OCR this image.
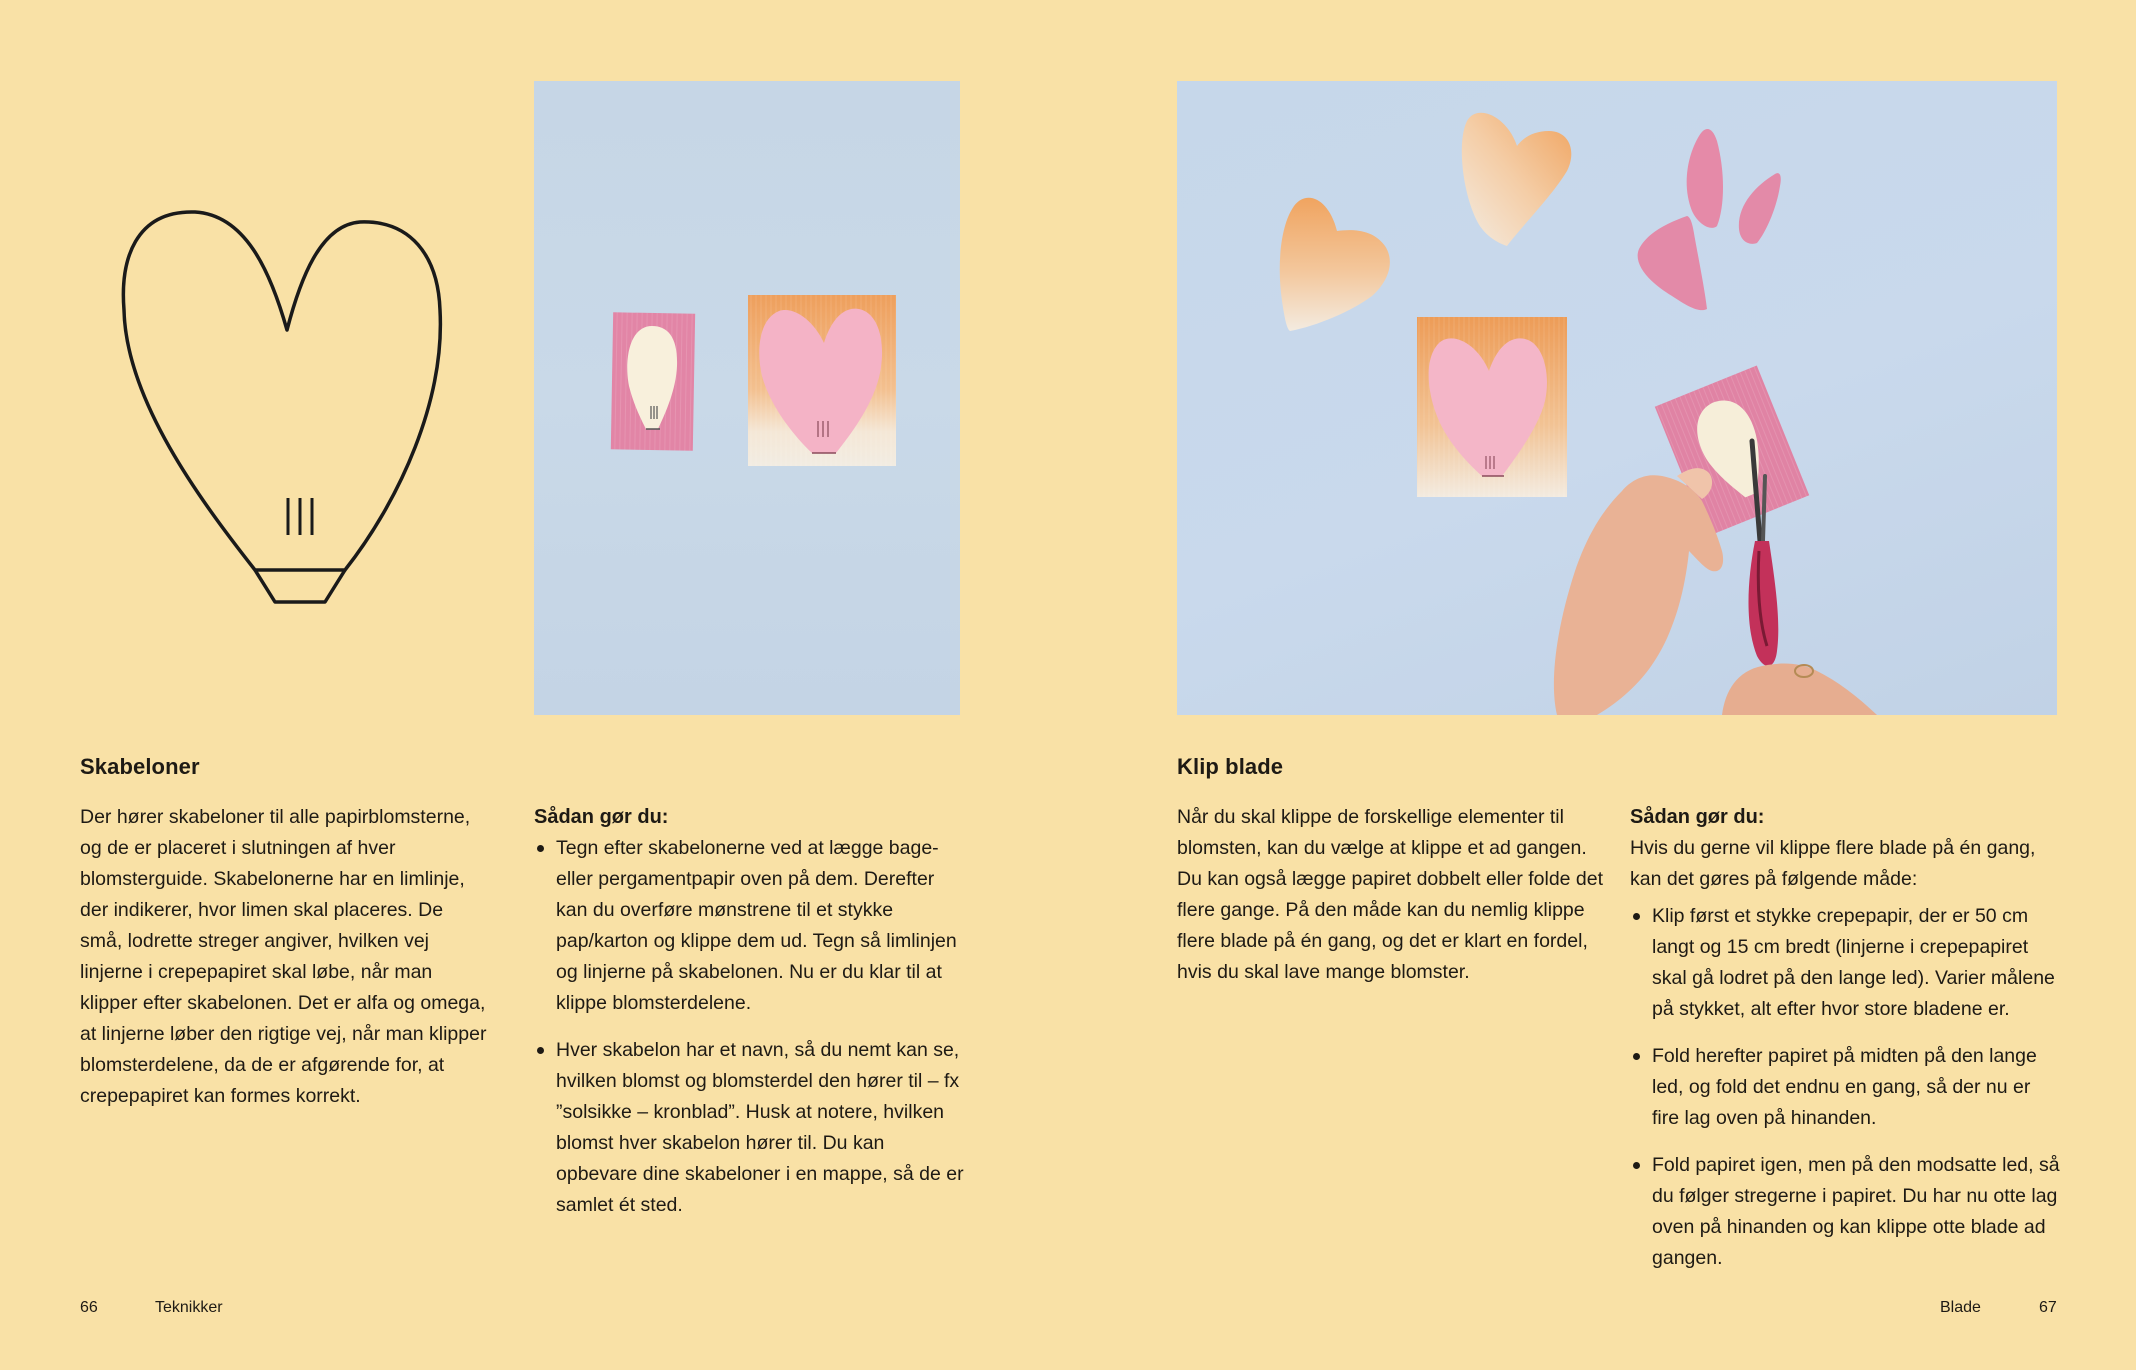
Skabeloner

Der hører skabeloner til alle papirblomsterne, og de er placeret i slutningen af hver blomsterguide. Skabelonerne har en limlinje, der indikerer, hvor limen skal placeres. De små, lodrette streger angiver, hvilken vej linjerne i crepepapiret skal løbe, når man klipper efter skabelonen. Det er alfa og omega, at linjerne løber den rigtige vej, når man klipper blomsterdelene, da de er afgørende for, at crepepapiret kan formes korrekt.

Sådan gør du:

Tegn efter skabelonerne ved at lægge bage- eller pergamentpapir oven på dem. Derefter kan du overføre mønstrene til et stykke pap/karton og klippe dem ud. Tegn så limlinjen og linjerne på skabelonen. Nu er du klar til at klippe blomsterdelene.
Hver skabelon har et navn, så du nemt kan se, hvilken blomst og blomsterdel den hører til – fx ”solsikke – kronblad”. Husk at notere, hvilken blomst hver skabelon hører til. Du kan opbevare dine skabeloner i en mappe, så de er samlet ét sted.
66	Teknikker
Klip blade

Når du skal klippe de forskellige elementer til blomsten, kan du vælge at klippe et ad gangen. Du kan også lægge papiret dobbelt eller folde det flere gange. På den måde kan du nemlig klippe flere blade på én gang, og det er klart en fordel, hvis du skal lave mange blomster.

Sådan gør du:

Hvis du gerne vil klippe flere blade på én gang, kan det gøres på følgende måde:

Klip først et stykke crepepapir, der er 50 cm langt og 15 cm bredt (linjerne i crepepapiret skal gå lodret på den lange led). Varier målene på stykket, alt efter hvor store bladene er.
Fold herefter papiret på midten på den lange led, og fold det endnu en gang, så der nu er fire lag oven på hinanden.
Fold papiret igen, men på den modsatte led, så du følger stregerne i papiret. Du har nu otte lag oven på hinanden og kan klippe otte blade ad gangen.
Blade	67
